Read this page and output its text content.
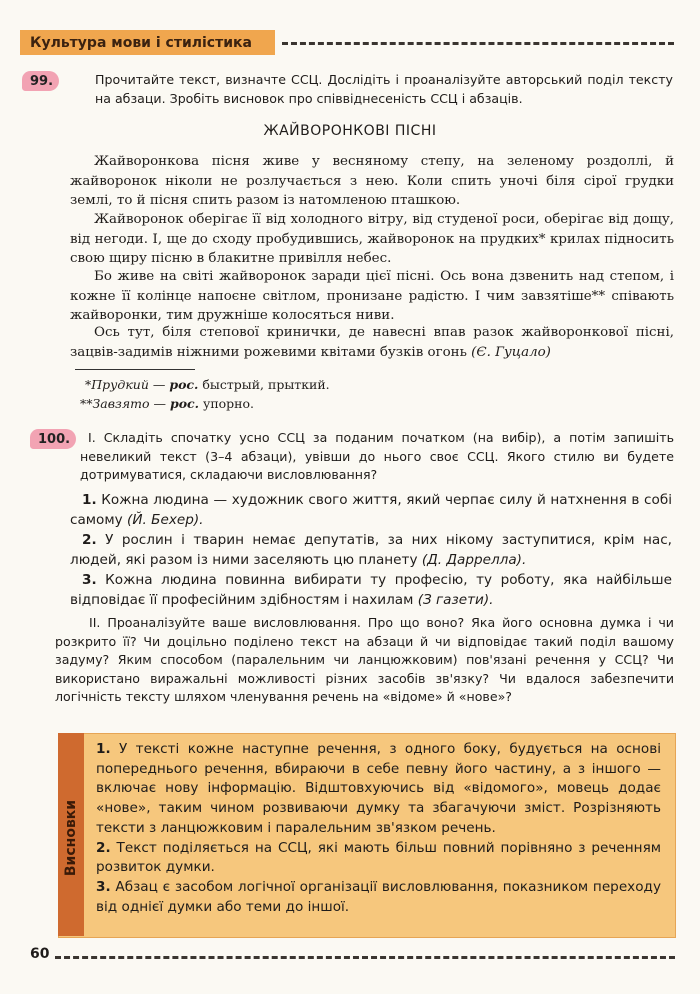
Культура мови і стилістика
99.	Прочитайте текст, визначте ССЦ. Дослідіть і проаналізуйте авторський поділ тексту на абзаци. Зробіть висновок про співвіднесеність ССЦ і абзаців.

ЖАЙВОРОНКОВІ ПІСНІ

Жайворонкова пісня живе у весняному степу, на зеленому роздоллі, й жайворонок ніколи не розлучається з нею. Коли спить уночі біля сірої грудки землі, то й пісня спить разом із натомленою пташкою.

Жайворонок оберігає її від холодного вітру, від студеної роси, оберігає від дощу, від негоди. І, ще до сходу пробудившись, жайворонок на прудких* крилах підносить свою щиру пісню в блакитне привілля небес.

Бо живе на світі жайворонок заради цієї пісні. Ось вона дзвенить над степом, і кожне її колінце напоєне світлом, пронизане радістю. І чим завзятіше** співають жайворонки, тим дружніше колосяться ниви.

Ось тут, біля степової кринички, де навесні впав разок жайворонкової пісні, зацвів-задимів ніжними рожевими квітами бузків огонь (Є. Гуцало)

*Прудкий — рос. быстрый, прыткий.
**Завзято — рос. упорно.
100.	I. Складіть спочатку усно ССЦ за поданим початком (на вибір), а потім запишіть невеликий текст (3–4 абзаци), увівши до нього своє ССЦ. Якого стилю ви будете дотримуватися, складаючи висловлювання?

1. Кожна людина — художник свого життя, який черпає силу й натхнення в собі самому (Й. Бехер).

2. У рослин і тварин немає депутатів, за них нікому заступитися, крім нас, людей, які разом із ними заселяють цю планету (Д. Даррелла).

3. Кожна людина повинна вибирати ту професію, ту роботу, яка найбільше відповідає її професійним здібностям і нахилам (З газети).

II. Проаналізуйте ваше висловлювання. Про що воно? Яка його основна думка і чи розкрито її? Чи доцільно поділено текст на абзаци й чи відповідає такий поділ вашому задуму? Яким способом (паралельним чи ланцюжковим) пов'язані речення у ССЦ? Чи використано виражальні можливості різних засобів зв'язку? Чи вдалося забезпечити логічність тексту шляхом членування речень на «відоме» й «нове»?

Висновки
1. У тексті кожне наступне речення, з одного боку, будується на основі попереднього речення, вбираючи в себе певну його частину, а з іншого — включає нову інформацію. Відштовхуючись від «відомого», мовець додає «нове», таким чином розвиваючи думку та збагачуючи зміст. Розрізняють тексти з ланцюжковим і паралельним зв'язком речень.
2. Текст поділяється на ССЦ, які мають більш повний порівняно з реченням розвиток думки.
3. Абзац є засобом логічної організації висловлювання, показником переходу від однієї думки або теми до іншої.
60
